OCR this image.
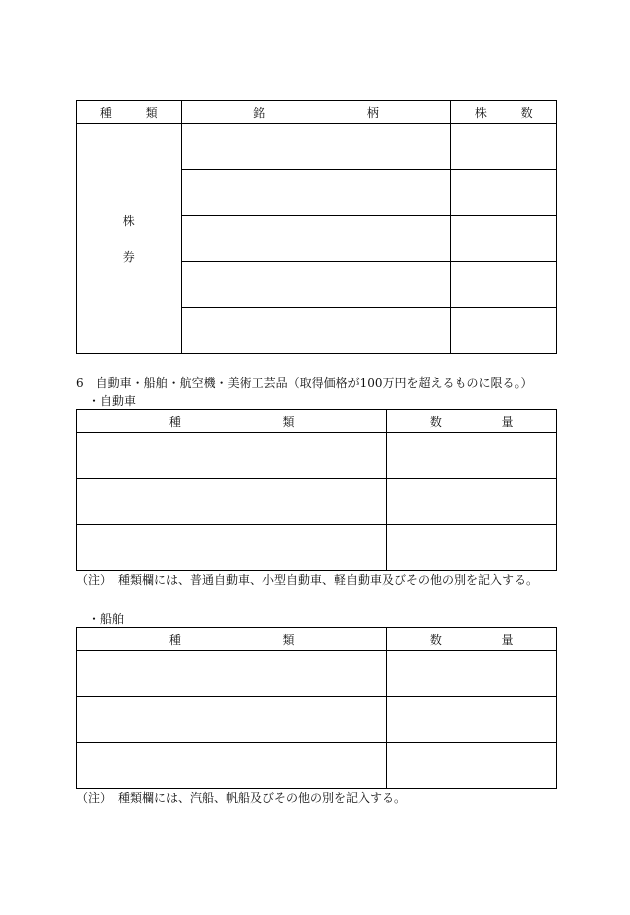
種 類	銘 柄	株 数

株
券		

6　自動車・船舶・航空機・美術工芸品（取得価格が100万円を超えるものに限る。）
・自動車
種 類	数 量

（注）　種類欄には、普通自動車、小型自動車、軽自動車及びその他の別を記入する。
・船舶
種 類	数 量

（注）　種類欄には、汽船、帆船及びその他の別を記入する。
